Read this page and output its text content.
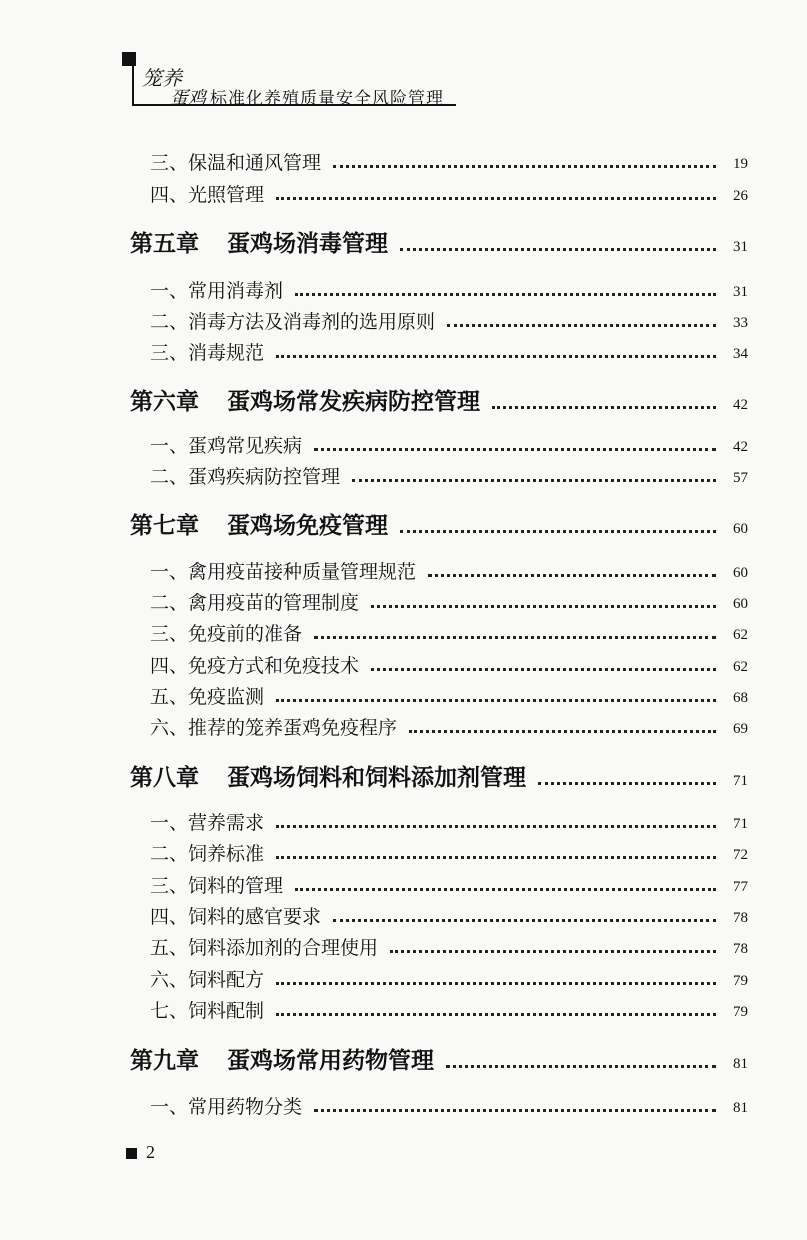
笼养
蛋鸡 标准化养殖质量安全风险管理
三、保温和通风管理	19
四、光照管理	26
第五章 蛋鸡场消毒管理	31
一、常用消毒剂	31
二、消毒方法及消毒剂的选用原则	33
三、消毒规范	34
第六章 蛋鸡场常发疾病防控管理	42
一、蛋鸡常见疾病	42
二、蛋鸡疾病防控管理	57
第七章 蛋鸡场免疫管理	60
一、禽用疫苗接种质量管理规范	60
二、禽用疫苗的管理制度	60
三、免疫前的准备	62
四、免疫方式和免疫技术	62
五、免疫监测	68
六、推荐的笼养蛋鸡免疫程序	69
第八章 蛋鸡场饲料和饲料添加剂管理	71
一、营养需求	71
二、饲养标准	72
三、饲料的管理	77
四、饲料的感官要求	78
五、饲料添加剂的合理使用	78
六、饲料配方	79
七、饲料配制	79
第九章 蛋鸡场常用药物管理	81
一、常用药物分类	81
2
